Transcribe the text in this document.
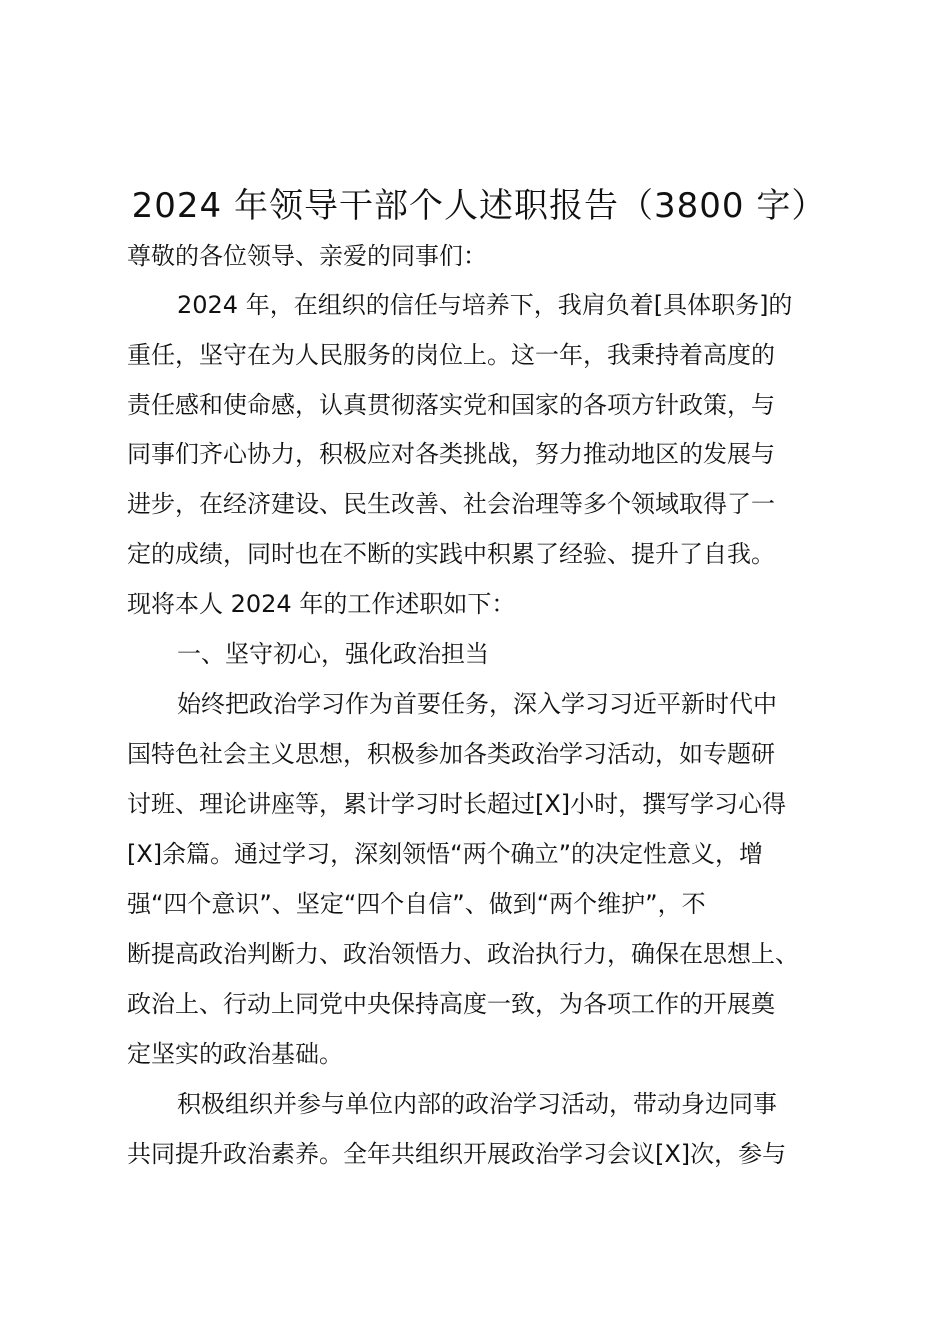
2024 年领导干部个人述职报告（3800 字）
尊敬的各位领导、亲爱的同事们：
2024 年，在组织的信任与培养下，我肩负着[具体职务]的
重任，坚守在为人民服务的岗位上。这一年，我秉持着高度的
责任感和使命感，认真贯彻落实党和国家的各项方针政策，与
同事们齐心协力，积极应对各类挑战，努力推动地区的发展与
进步，在经济建设、民生改善、社会治理等多个领域取得了一
定的成绩，同时也在不断的实践中积累了经验、提升了自我。
现将本人 2024 年的工作述职如下：
一、坚守初心，强化政治担当
始终把政治学习作为首要任务，深入学习习近平新时代中
国特色社会主义思想，积极参加各类政治学习活动，如专题研
讨班、理论讲座等，累计学习时长超过[X]小时，撰写学习心得
[X]余篇。通过学习，深刻领悟“两个确立”的决定性意义，增
强“四个意识”、坚定“四个自信”、做到“两个维护”，不
断提高政治判断力、政治领悟力、政治执行力，确保在思想上、
政治上、行动上同党中央保持高度一致，为各项工作的开展奠
定坚实的政治基础。
积极组织并参与单位内部的政治学习活动，带动身边同事
共同提升政治素养。全年共组织开展政治学习会议[X]次，参与
